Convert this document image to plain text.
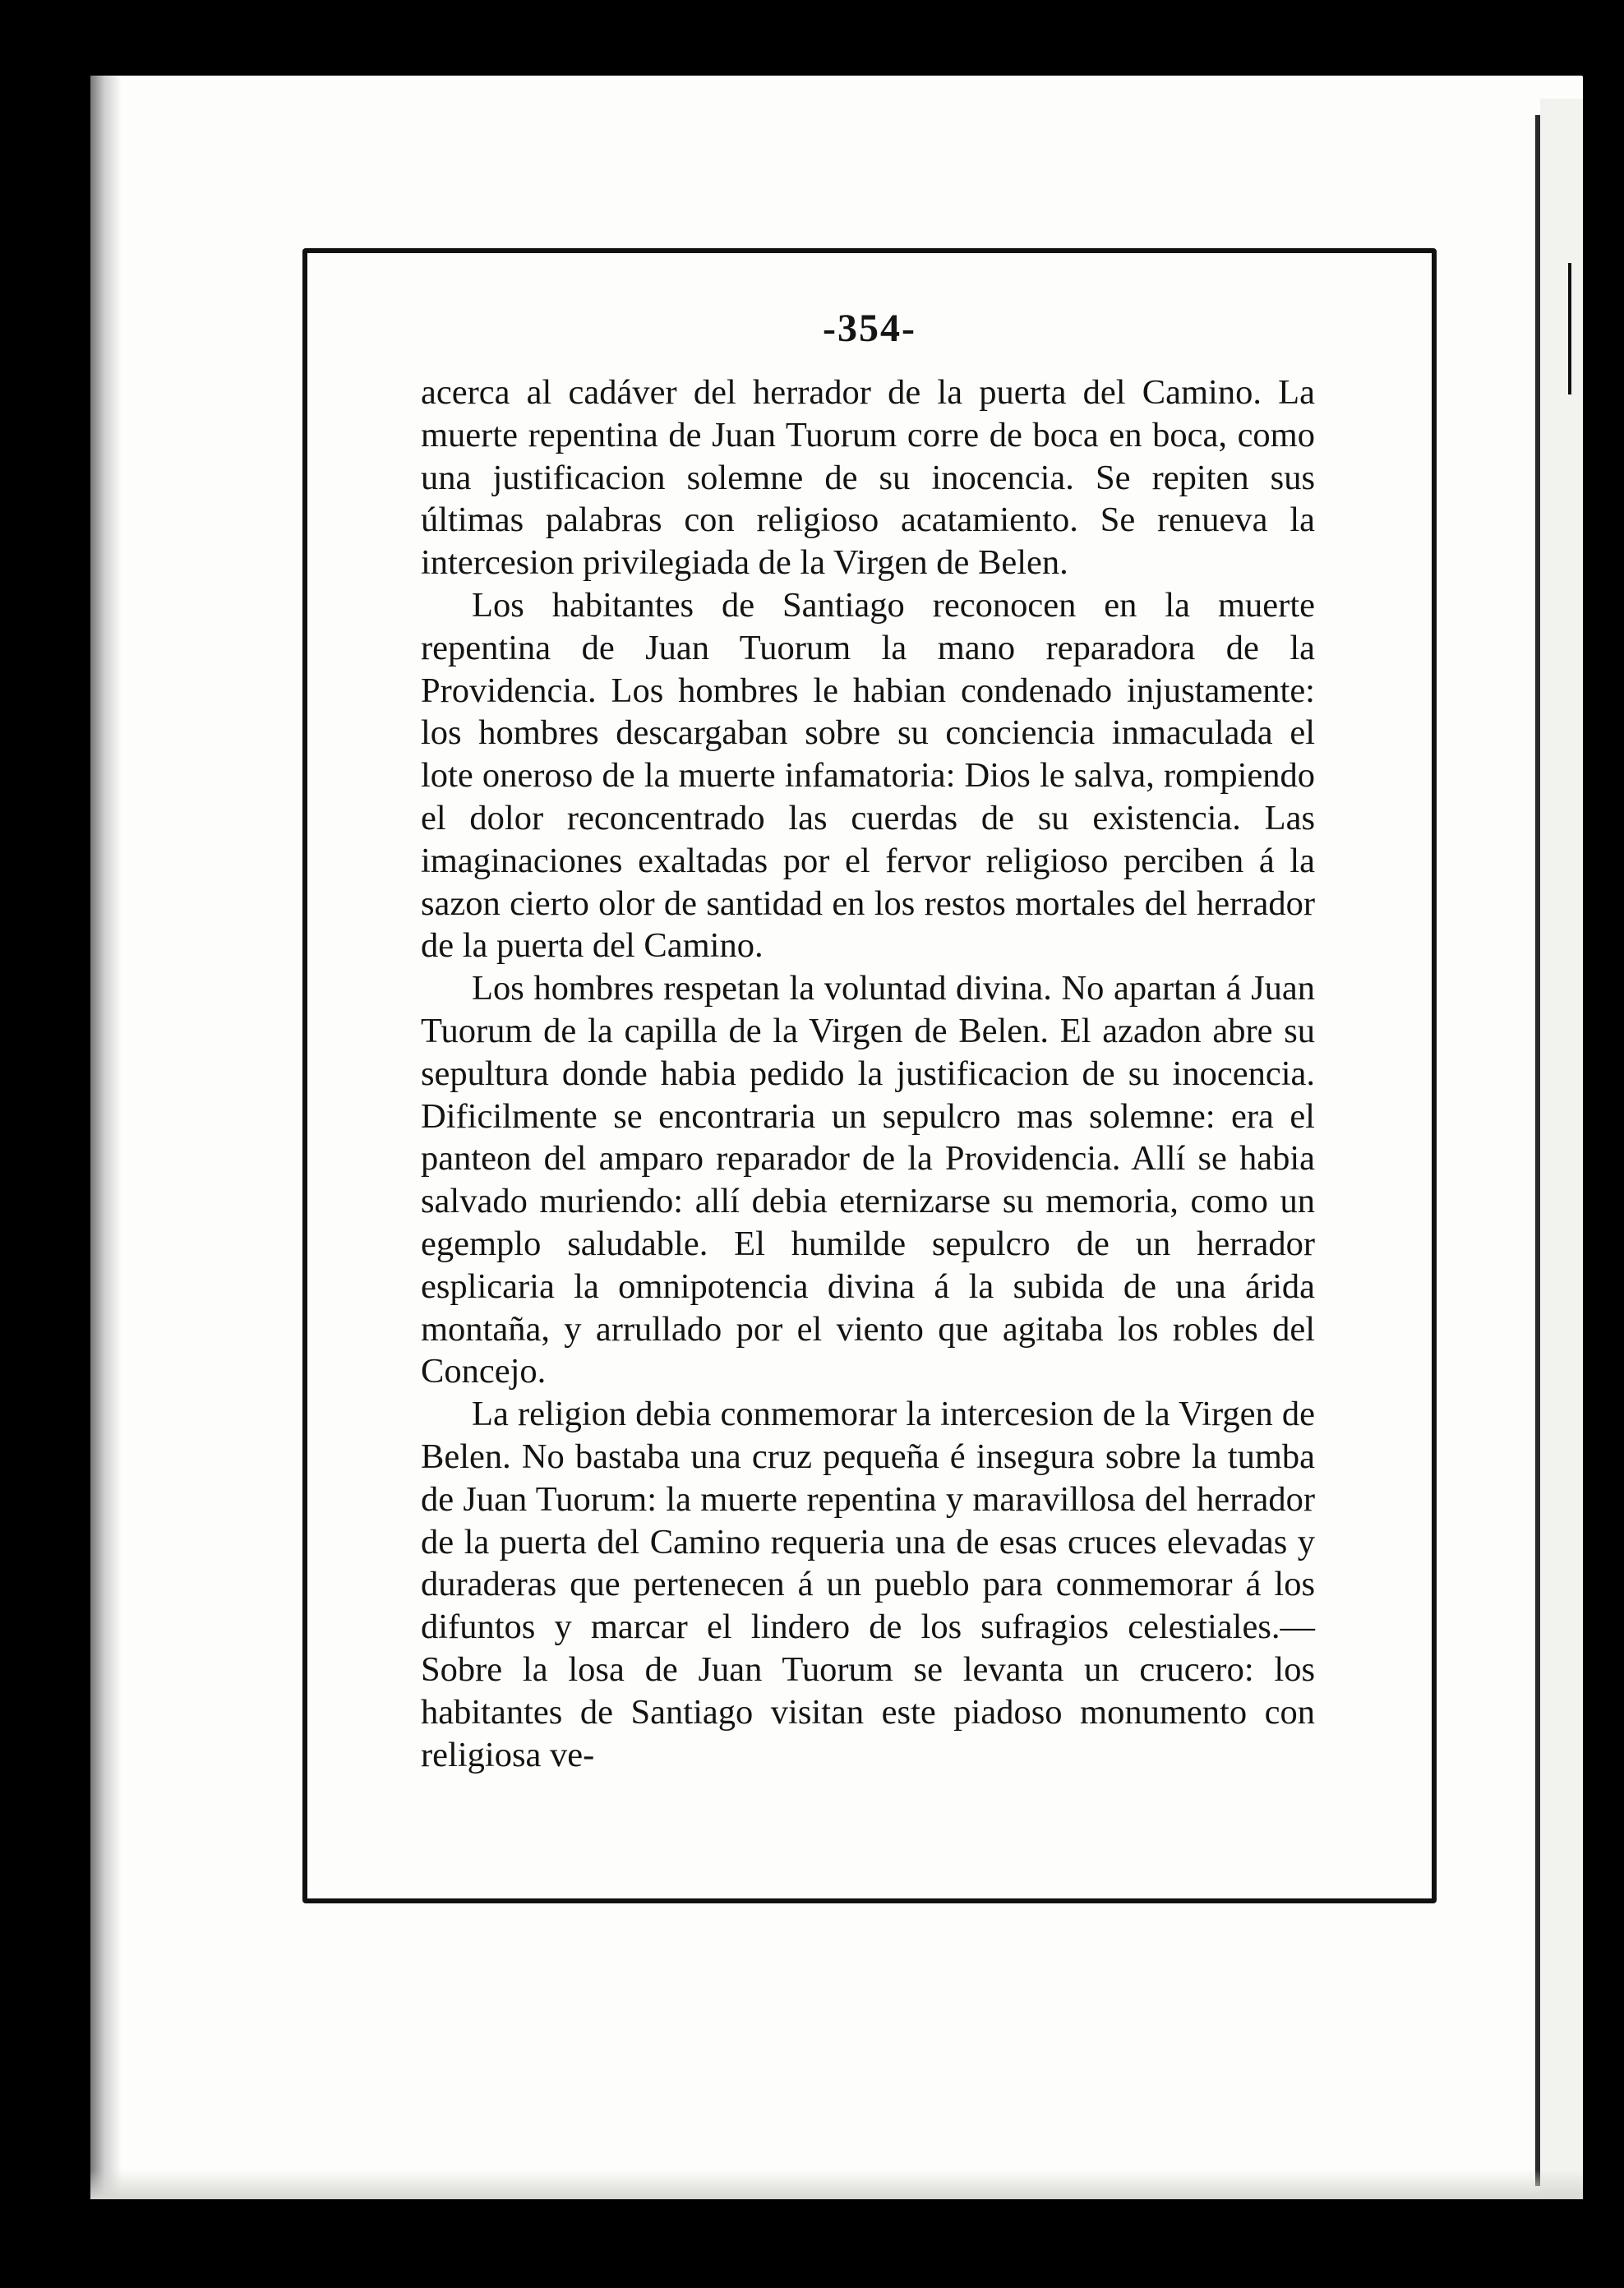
-354-

acerca al cadáver del herrador de la puerta del Camino. La muerte repentina de Juan Tuorum corre de boca en boca, como una justificacion solemne de su inocencia. Se repiten sus últimas palabras con religioso acatamiento. Se renueva la intercesion privilegiada de la Virgen de Belen.

Los habitantes de Santiago reconocen en la muerte repentina de Juan Tuorum la mano reparadora de la Providencia. Los hombres le habian condenado injustamente: los hombres descargaban sobre su conciencia inmaculada el lote oneroso de la muerte infamatoria: Dios le salva, rompiendo el dolor reconcentrado las cuerdas de su existencia. Las imaginaciones exaltadas por el fervor religioso perciben á la sazon cierto olor de santidad en los restos mortales del herrador de la puerta del Camino.

Los hombres respetan la voluntad divina. No apartan á Juan Tuorum de la capilla de la Virgen de Belen. El azadon abre su sepultura donde habia pedido la justificacion de su inocencia. Dificilmente se encontraria un sepulcro mas solemne: era el panteon del amparo reparador de la Providencia. Allí se habia salvado muriendo: allí debia eternizarse su memoria, como un egemplo saludable. El humilde sepulcro de un herrador esplicaria la omnipotencia divina á la subida de una árida montaña, y arrullado por el viento que agitaba los robles del Concejo.

La religion debia conmemorar la intercesion de la Virgen de Belen. No bastaba una cruz pequeña é insegura sobre la tumba de Juan Tuorum: la muerte repentina y maravillosa del herrador de la puerta del Camino requeria una de esas cruces elevadas y duraderas que pertenecen á un pueblo para conmemorar á los difuntos y marcar el lindero de los sufragios celestiales.— Sobre la losa de Juan Tuorum se levanta un crucero: los habitantes de Santiago visitan este piadoso monumento con religiosa ve-
